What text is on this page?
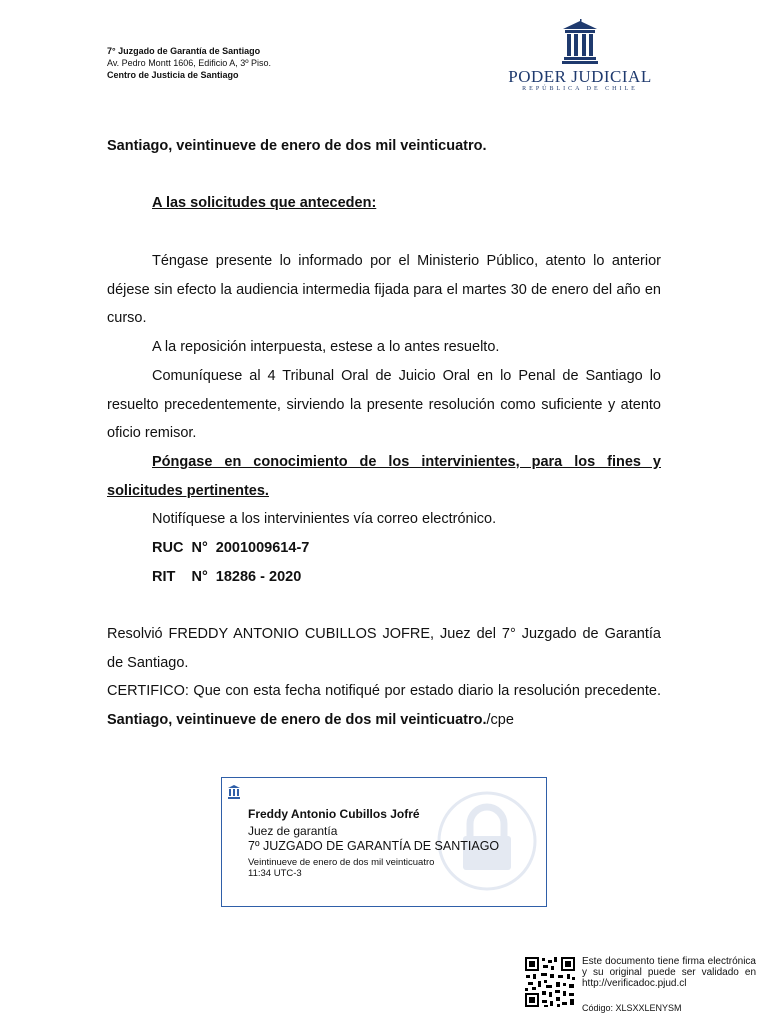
7° Juzgado de Garantía de Santiago
Av. Pedro Montt 1606, Edificio A, 3º Piso.
Centro de Justicia de Santiago	PODER JUDICIAL
REPÚBLICA DE CHILE
Santiago, veintinueve de enero de dos mil veinticuatro.
A las solicitudes que anteceden:

Téngase presente lo informado por el Ministerio Público, atento lo anterior déjese sin efecto la audiencia intermedia fijada para el martes 30 de enero del año en curso.

A la reposición interpuesta, estese a lo antes resuelto.

Comuníquese al 4 Tribunal Oral de Juicio Oral en lo Penal de Santiago lo resuelto precedentemente, sirviendo la presente resolución como suficiente y atento oficio remisor.

Póngase en conocimiento de los intervinientes, para los fines y solicitudes pertinentes.

Notifíquese a los intervinientes vía correo electrónico.

RUC  N°  2001009614-7

RIT    N°  18286 - 2020

Resolvió FREDDY ANTONIO CUBILLOS JOFRE, Juez del 7° Juzgado de Garantía de Santiago.

CERTIFICO: Que con esta fecha notifiqué por estado diario la resolución precedente. Santiago, veintinueve de enero de dos mil veinticuatro./cpe

Freddy Antonio Cubillos Jofré
Juez de garantía
7º JUZGADO DE GARANTÍA DE SANTIAGO
Veintinueve de enero de dos mil veinticuatro
11:34 UTC-3
Este documento tiene firma electrónica y su original puede ser validado en http://verificadoc.pjud.cl
Código: XLSXXLENYSM
